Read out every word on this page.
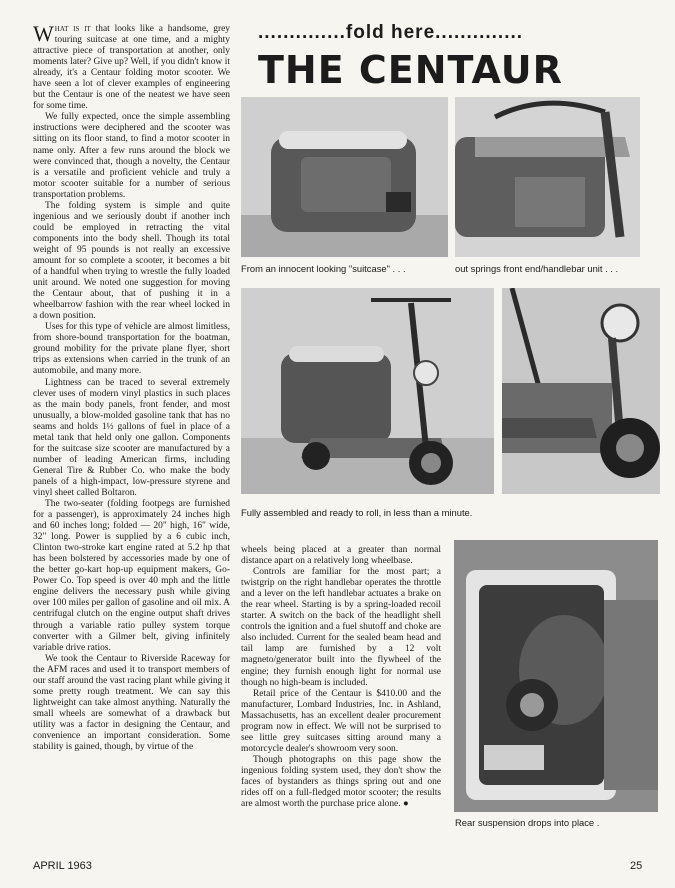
..............fold here..............
THE CENTAUR

What is it that looks like a handsome, grey touring suitcase at one time, and a mighty attractive piece of transportation at another, only moments later? Give up? Well, if you didn't know it already, it's a Centaur folding motor scooter. We have seen a lot of clever examples of engineering but the Centaur is one of the neatest we have seen for some time.

We fully expected, once the simple assembling instructions were deciphered and the scooter was sitting on its floor stand, to find a motor scooter in name only. After a few runs around the block we were convinced that, though a novelty, the Centaur is a versatile and proficient vehicle and truly a motor scooter suitable for a number of serious transportation problems.

The folding system is simple and quite ingenious and we seriously doubt if another inch could be employed in retracting the vital components into the body shell. Though its total weight of 95 pounds is not really an excessive amount for so complete a scooter, it becomes a bit of a handful when trying to wrestle the fully loaded unit around. We noted one suggestion for moving the Centaur about, that of pushing it in a wheelbarrow fashion with the rear wheel locked in a down position.

Uses for this type of vehicle are almost limitless, from shore-bound transportation for the boatman, ground mobility for the private plane flyer, short trips as extensions when carried in the trunk of an automobile, and many more.

Lightness can be traced to several extremely clever uses of modern vinyl plastics in such places as the main body panels, front fender, and most unusually, a blow-molded gasoline tank that has no seams and holds 1½ gallons of fuel in place of a metal tank that held only one gallon. Components for the suitcase size scooter are manufactured by a number of leading American firms, including General Tire & Rubber Co. who make the body panels of a high-impact, low-pressure styrene and vinyl sheet called Boltaron.

The two-seater (folding footpegs are furnished for a passenger), is approximately 24 inches high and 60 inches long; folded — 20" high, 16" wide, 32" long. Power is supplied by a 6 cubic inch, Clinton two-stroke kart engine rated at 5.2 hp that has been bolstered by accessories made by one of the better go-kart hop-up equipment makers, Go-Power Co. Top speed is over 40 mph and the little engine delivers the necessary push while giving over 100 miles per gallon of gasoline and oil mix. A centrifugal clutch on the engine output shaft drives through a variable ratio pulley system torque converter with a Gilmer belt, giving infinitely variable drive ratios.

We took the Centaur to Riverside Raceway for the AFM races and used it to transport members of our staff around the vast racing plant while giving it some pretty rough treatment. We can say this lightweight can take almost anything. Naturally the small wheels are somewhat of a drawback but utility was a factor in designing the Centaur, and convenience an important consideration. Some stability is gained, though, by virtue of the

wheels being placed at a greater than normal distance apart on a relatively long wheelbase.

Controls are familiar for the most part; a twistgrip on the right handlebar operates the throttle and a lever on the left handlebar actuates a brake on the rear wheel. Starting is by a spring-loaded recoil starter. A switch on the back of the headlight shell controls the ignition and a fuel shutoff and choke are also included. Current for the sealed beam head and tail lamp are furnished by a 12 volt magneto/generator built into the flywheel of the engine; they furnish enough light for normal use though no high-beam is included.

Retail price of the Centaur is $410.00 and the manufacturer, Lombard Industries, Inc. in Ashland, Massachusetts, has an excellent dealer procurement program now in effect. We will not be surprised to see little grey suitcases sitting around many a motorcycle dealer's showroom very soon.

Though photographs on this page show the ingenious folding system used, they don't show the faces of bystanders as things spring out and one rides off on a full-fledged motor scooter; the results are almost worth the purchase price alone. ●

From an innocent looking "suitcase" . . .	out springs front end/handlebar unit . . .
Fully assembled and ready to roll, in less than a minute.
Rear suspension drops into place .
APRIL 1963	25
